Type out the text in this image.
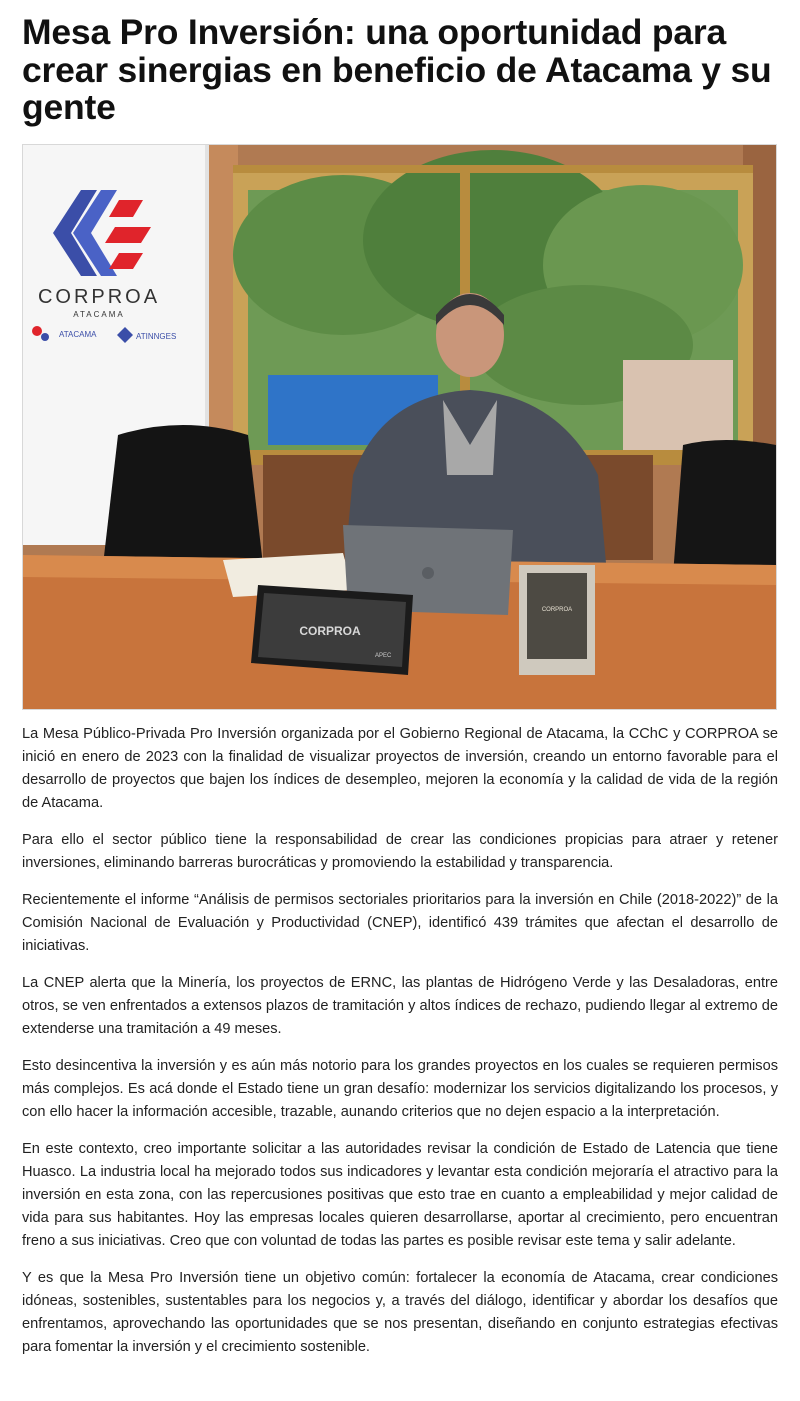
Mesa Pro Inversión: una oportunidad para crear sinergias en beneficio de Atacama y su gente
CORPROA
ATACAMA
ATACAMA	ATINNGES
CORPROA
APEC
CORPROA

La Mesa Público-Privada Pro Inversión organizada por el Gobierno Regional de Atacama, la CChC y CORPROA se inició en enero de 2023 con la finalidad de visualizar proyectos de inversión, creando un entorno favorable para el desarrollo de proyectos que bajen los índices de desempleo, mejoren la economía y la calidad de vida de la región de Atacama.

Para ello el sector público tiene la responsabilidad de crear las condiciones propicias para atraer y retener inversiones, eliminando barreras burocráticas y promoviendo la estabilidad y transparencia.

Recientemente el informe “Análisis de permisos sectoriales prioritarios para la inversión en Chile (2018-2022)” de la Comisión Nacional de Evaluación y Productividad (CNEP), identificó 439 trámites que afectan el desarrollo de iniciativas.

La CNEP alerta que la Minería, los proyectos de ERNC, las plantas de Hidrógeno Verde y las Desaladoras, entre otros, se ven enfrentados a extensos plazos de tramitación y altos índices de rechazo, pudiendo llegar al extremo de extenderse una tramitación a 49 meses.

Esto desincentiva la inversión y es aún más notorio para los grandes proyectos en los cuales se requieren permisos más complejos. Es acá donde el Estado tiene un gran desafío: modernizar los servicios digitalizando los procesos, y con ello hacer la información accesible, trazable, aunando criterios que no dejen espacio a la interpretación.

En este contexto, creo importante solicitar a las autoridades revisar la condición de Estado de Latencia que tiene Huasco. La industria local ha mejorado todos sus indicadores y levantar esta condición mejoraría el atractivo para la inversión en esta zona, con las repercusiones positivas que esto trae en cuanto a empleabilidad y mejor calidad de vida para sus habitantes. Hoy las empresas locales quieren desarrollarse, aportar al crecimiento, pero encuentran freno a sus iniciativas. Creo que con voluntad de todas las partes es posible revisar este tema y salir adelante.

Y es que la Mesa Pro Inversión tiene un objetivo común: fortalecer la economía de Atacama, crear condiciones idóneas, sostenibles, sustentables para los negocios y, a través del diálogo, identificar y abordar los desafíos que enfrentamos, aprovechando las oportunidades que se nos presentan, diseñando en conjunto estrategias efectivas para fomentar la inversión y el crecimiento sostenible.
